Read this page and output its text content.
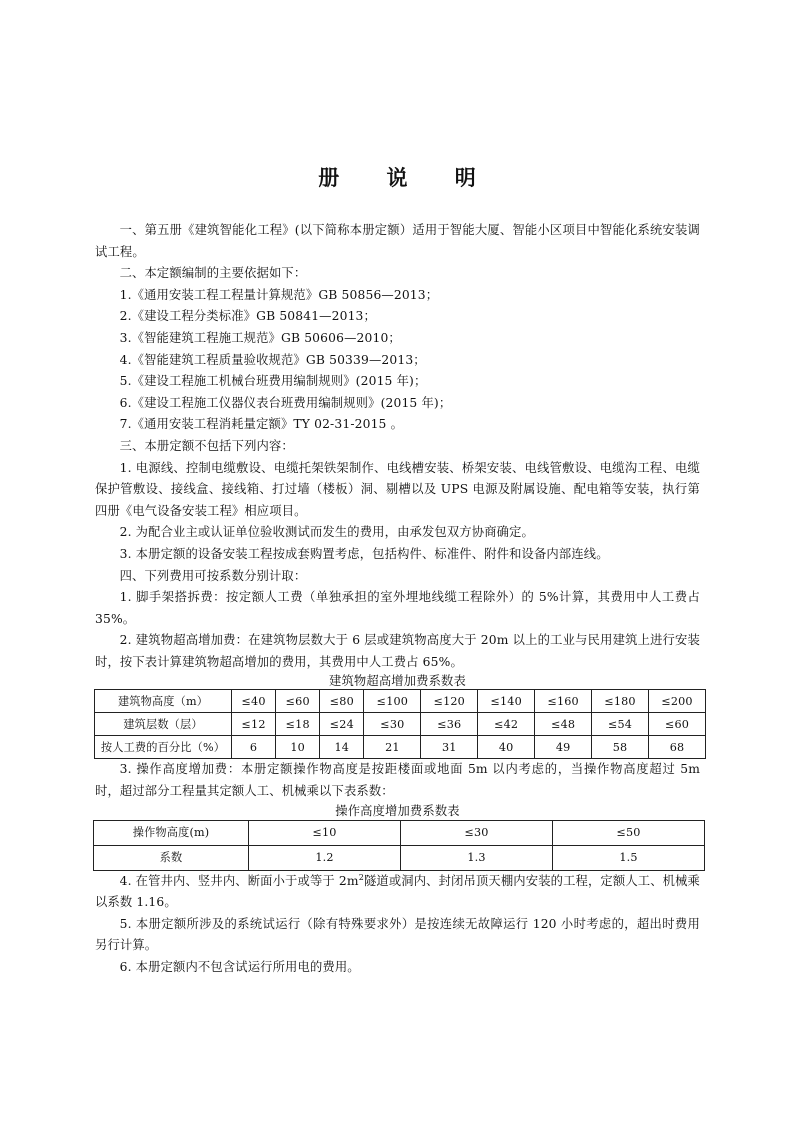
册 说 明

一、第五册《建筑智能化工程》(以下简称本册定额）适用于智能大厦、智能小区项目中智能化系统安装调试工程。

二、本定额编制的主要依据如下：

1.《通用安装工程工程量计算规范》GB 50856—2013；

2.《建设工程分类标准》GB 50841—2013；

3.《智能建筑工程施工规范》GB 50606—2010；

4.《智能建筑工程质量验收规范》GB 50339—2013；

5.《建设工程施工机械台班费用编制规则》(2015 年)；

6.《建设工程施工仪器仪表台班费用编制规则》(2015 年)；

7.《通用安装工程消耗量定额》TY 02-31-2015 。

三、本册定额不包括下列内容：

1. 电源线、控制电缆敷设、电缆托架铁架制作、电线槽安装、桥架安装、电线管敷设、电缆沟工程、电缆保护管敷设、接线盒、接线箱、打过墙（楼板）洞、剔槽以及 UPS 电源及附属设施、配电箱等安装，执行第四册《电气设备安装工程》相应项目。

2. 为配合业主或认证单位验收测试而发生的费用，由承发包双方协商确定。

3. 本册定额的设备安装工程按成套购置考虑，包括构件、标准件、附件和设备内部连线。

四、下列费用可按系数分别计取：

1. 脚手架搭拆费：按定额人工费（单独承担的室外埋地线缆工程除外）的 5%计算，其费用中人工费占 35%。

2. 建筑物超高增加费：在建筑物层数大于 6 层或建筑物高度大于 20m 以上的工业与民用建筑上进行安装时，按下表计算建筑物超高增加的费用，其费用中人工费占 65%。

建筑物超高增加费系数表

建筑物高度（m）	≤40	≤60	≤80	≤100	≤120	≤140	≤160	≤180	≤200
建筑层数（层）	≤12	≤18	≤24	≤30	≤36	≤42	≤48	≤54	≤60
按人工费的百分比（%）	6	10	14	21	31	40	49	58	68

3. 操作高度增加费：本册定额操作物高度是按距楼面或地面 5m 以内考虑的，当操作物高度超过 5m 时，超过部分工程量其定额人工、机械乘以下表系数：

操作高度增加费系数表

操作物高度(m)	≤10	≤30	≤50
系数	1.2	1.3	1.5

4. 在管井内、竖井内、断面小于或等于 $2m^2$隧道或洞内、封闭吊顶天棚内安装的工程，定额人工、机械乘以系数 1.16。

5. 本册定额所涉及的系统试运行（除有特殊要求外）是按连续无故障运行 120 小时考虑的，超出时费用另行计算。

6. 本册定额内不包含试运行所用电的费用。
